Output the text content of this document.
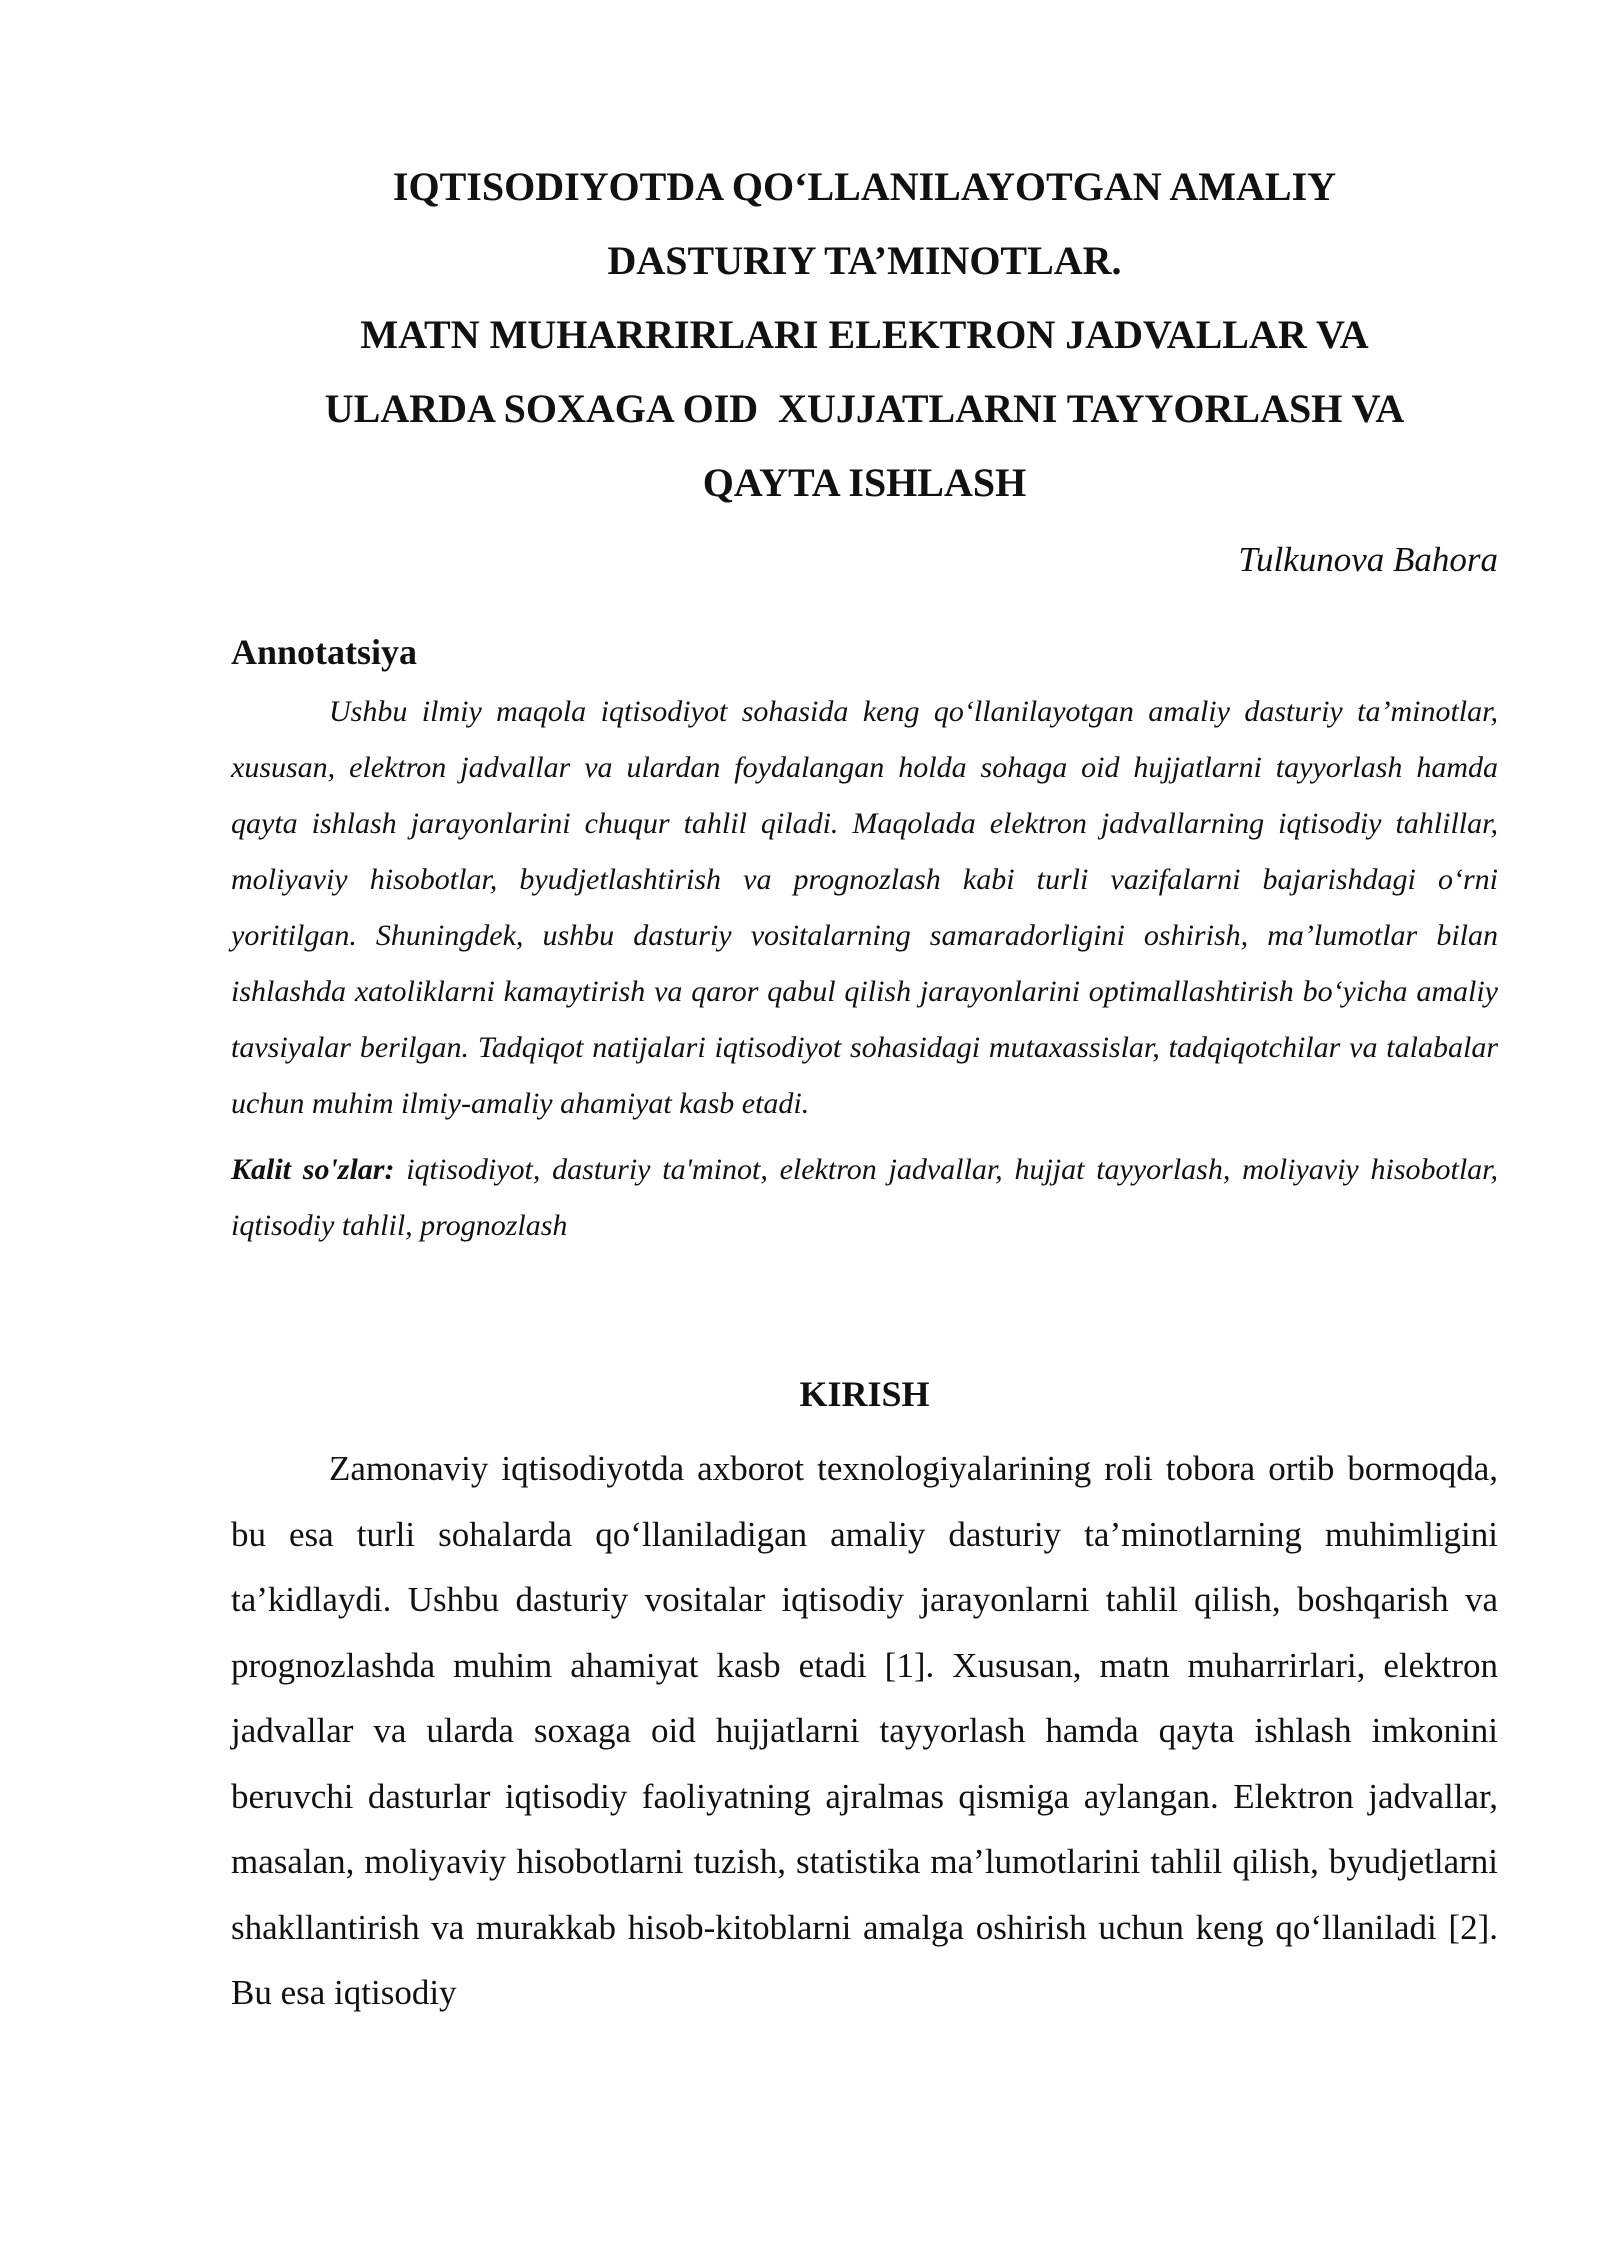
IQTISODIYOTDA QO‘LLANILAYOTGAN AMALIY
DASTURIY TA’MINOTLAR.
MATN MUHARRIRLARI ELEKTRON JADVALLAR VA
ULARDA SOXAGA OID  XUJJATLARNI TAYYORLASH VA
QAYTA ISHLASH
Tulkunova Bahora
Annotatsiya

Ushbu ilmiy maqola iqtisodiyot sohasida keng qo‘llanilayotgan amaliy dasturiy ta’minotlar, xususan, elektron jadvallar va ulardan foydalangan holda sohaga oid hujjatlarni tayyorlash hamda qayta ishlash jarayonlarini chuqur tahlil qiladi. Maqolada elektron jadvallarning iqtisodiy tahlillar, moliyaviy hisobotlar, byudjetlashtirish va prognozlash kabi turli vazifalarni bajarishdagi o‘rni yoritilgan. Shuningdek, ushbu dasturiy vositalarning samaradorligini oshirish, ma’lumotlar bilan ishlashda xatoliklarni kamaytirish va qaror qabul qilish jarayonlarini optimallashtirish bo‘yicha amaliy tavsiyalar berilgan. Tadqiqot natijalari iqtisodiyot sohasidagi mutaxassislar, tadqiqotchilar va talabalar uchun muhim ilmiy-amaliy ahamiyat kasb etadi.

Kalit so'zlar: iqtisodiyot, dasturiy ta'minot, elektron jadvallar, hujjat tayyorlash, moliyaviy hisobotlar, iqtisodiy tahlil, prognozlash
KIRISH

Zamonaviy iqtisodiyotda axborot texnologiyalarining roli tobora ortib bormoqda, bu esa turli sohalarda qo‘llaniladigan amaliy dasturiy ta’minotlarning muhimligini ta’kidlaydi. Ushbu dasturiy vositalar iqtisodiy jarayonlarni tahlil qilish, boshqarish va prognozlashda muhim ahamiyat kasb etadi [1]. Xususan, matn muharrirlari, elektron jadvallar va ularda soxaga oid hujjatlarni tayyorlash hamda qayta ishlash imkonini beruvchi dasturlar iqtisodiy faoliyatning ajralmas qismiga aylangan. Elektron jadvallar, masalan, moliyaviy hisobotlarni tuzish, statistika ma’lumotlarini tahlil qilish, byudjetlarni shakllantirish va murakkab hisob-kitoblarni amalga oshirish uchun keng qo‘llaniladi [2]. Bu esa iqtisodiy
